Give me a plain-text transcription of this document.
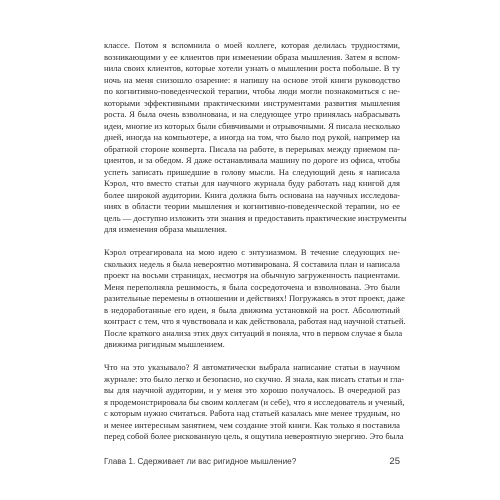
классе. Потом я вспомнила о моей коллеге, которая делилась трудностями,
возникающими у ее клиентов при изменении образа мышления. Затем я вспом-
нила своих клиентов, которые хотели узнать о мышлении роста побольше. В ту
ночь на меня снизошло озарение: я напишу на основе этой книги руководство
по когнитивно-поведенческой терапии, чтобы люди могли познакомиться с не-
которыми эффективными практическими инструментами развития мышления
роста. Я была очень взволнована, и на следующее утро принялась набрасывать
идеи, многие из которых были сбивчивыми и отрывочными. Я писала несколько
дней, иногда на компьютере, а иногда на том, что было под рукой, например на
обратной стороне конверта. Писала на работе, в перерывах между приемом па-
циентов, и за обедом. Я даже останавливала машину по дороге из офиса, чтобы
успеть записать пришедшие в голову мысли. На следующий день я написала
Кэрол, что вместо статьи для научного журнала буду работать над книгой для
более широкой аудитории. Книга должна быть основана на научных исследова-
ниях в области теории мышления и когнитивно-поведенческой терапии, но ее
цель — доступно изложить эти знания и предоставить практические инструменты
для изменения образа мышления.

Кэрол отреагировала на мою идею с энтузиазмом. В течение следующих не-
скольких недель я была невероятно мотивирована. Я составила план и написала
проект на восьми страницах, несмотря на обычную загруженность пациентами.
Меня переполняла решимость, я была сосредоточена и взволнована. Это были
разительные перемены в отношении и действиях! Погружаясь в этот проект, даже
в недоработанные его идеи, я была движима установкой на рост. Абсолютный
контраст с тем, что я чувствовала и как действовала, работая над научной статьей.
После краткого анализа этих двух ситуаций я поняла, что в первом случае я была
движима ригидным мышлением.

Что на это указывало? Я автоматически выбрала написание статьи в научном
журнале: это было легко и безопасно, но скучно. Я знала, как писать статьи и гла-
вы для научной аудитории, и у меня это хорошо получалось. В очередной раз
я продемонстрировала бы своим коллегам (и себе), что я исследователь и ученый,
с которым нужно считаться. Работа над статьей казалась мне менее трудным, но
и менее интересным занятием, чем создание этой книги. Как только я поставила
перед собой более рискованную цель, я ощутила невероятную энергию. Это была

Глава 1. Сдерживает ли вас ригидное мышление?	25
